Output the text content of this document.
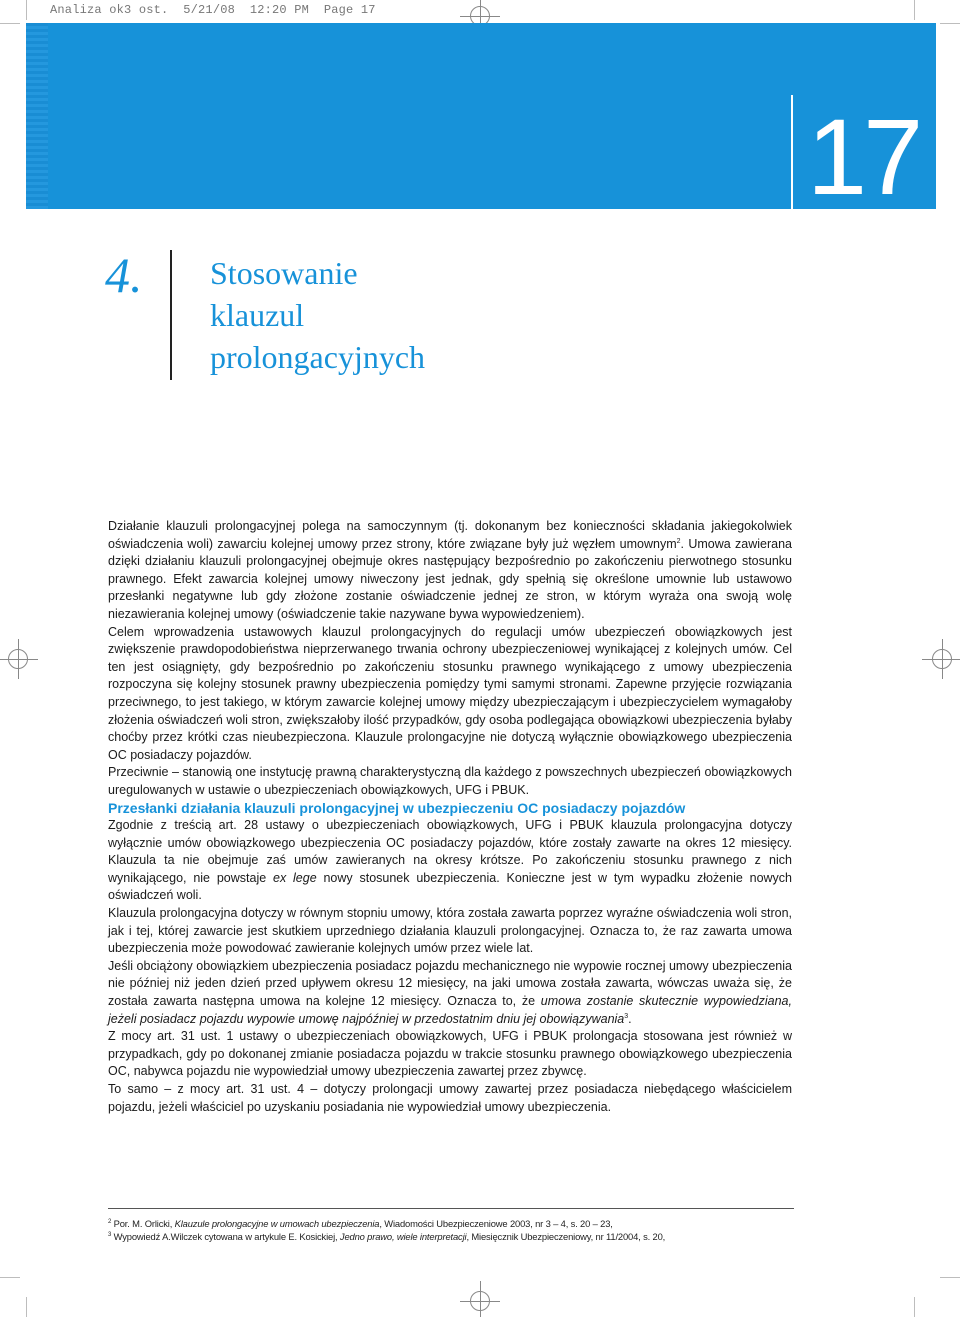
Analiza ok3 ost.  5/21/08  12:20 PM  Page 17
17
4. Stosowanie
klauzul
prolongacyjnych

Działanie klauzuli prolongacyjnej polega na samoczynnym (tj. dokonanym bez konieczności składania jakiegokolwiek oświadczenia woli) zawarciu kolejnej umowy przez strony, które związane były już węzłem umownym$^2$. Umowa zawierana dzięki działaniu klauzuli prolongacyjnej obejmuje okres następujący bezpośrednio po zakończeniu pierwotnego stosunku prawnego. Efekt zawarcia kolejnej umowy niweczony jest jednak, gdy spełnią się określone umownie lub ustawowo przesłanki negatywne lub gdy złożone zostanie oświadczenie jednej ze stron, w którym wyraża ona swoją wolę niezawierania kolejnej umowy (oświadczenie takie nazywane bywa wypowiedzeniem).

Celem wprowadzenia ustawowych klauzul prolongacyjnych do regulacji umów ubezpieczeń obowiązkowych jest zwiększenie prawdopodobieństwa nieprzerwanego trwania ochrony ubezpieczeniowej wynikającej z kolejnych umów. Cel ten jest osiągnięty, gdy bezpośrednio po zakończeniu stosunku prawnego wynikającego z umowy ubezpieczenia rozpoczyna się kolejny stosunek prawny ubezpieczenia pomiędzy tymi samymi stronami. Zapewne przyjęcie rozwiązania przeciwnego, to jest takiego, w którym zawarcie kolejnej umowy między ubezpieczającym i ubezpieczycielem wymagałoby złożenia oświadczeń woli stron, zwiększałoby ilość przypadków, gdy osoba podlegająca obowiązkowi ubezpieczenia byłaby choćby przez krótki czas nieubezpieczona. Klauzule prolongacyjne nie dotyczą wyłącznie obowiązkowego ubezpieczenia OC posiadaczy pojazdów.

Przeciwnie – stanowią one instytucję prawną charakterystyczną dla każdego z powszechnych ubezpieczeń obowiązkowych uregulowanych w ustawie o ubezpieczeniach obowiązkowych, UFG i PBUK.

Przesłanki działania klauzuli prolongacyjnej w ubezpieczeniu OC posiadaczy pojazdów

Zgodnie z treścią art. 28 ustawy o ubezpieczeniach obowiązkowych, UFG i PBUK klauzula prolongacyjna dotyczy wyłącznie umów obowiązkowego ubezpieczenia OC posiadaczy pojazdów, które zostały zawarte na okres 12 miesięcy. Klauzula ta nie obejmuje zaś umów zawieranych na okresy krótsze. Po zakończeniu stosunku prawnego z nich wynikającego, nie powstaje ex lege nowy stosunek ubezpieczenia. Konieczne jest w tym wypadku złożenie nowych oświadczeń woli.

Klauzula prolongacyjna dotyczy w równym stopniu umowy, która została zawarta poprzez wyraźne oświadczenia woli stron, jak i tej, której zawarcie jest skutkiem uprzedniego działania klauzuli prolongacyjnej. Oznacza to, że raz zawarta umowa ubezpieczenia może powodować zawieranie kolejnych umów przez wiele lat.

Jeśli obciążony obowiązkiem ubezpieczenia posiadacz pojazdu mechanicznego nie wypowie rocznej umowy ubezpieczenia nie później niż jeden dzień przed upływem okresu 12 miesięcy, na jaki umowa została zawarta, wówczas uważa się, że została zawarta następna umowa na kolejne 12 miesięcy. Oznacza to, że umowa zostanie skutecznie wypowiedziana, jeżeli posiadacz pojazdu wypowie umowę najpóźniej w przedostatnim dniu jej obowiązywania$^3$.

Z mocy art. 31 ust. 1 ustawy o ubezpieczeniach obowiązkowych, UFG i PBUK prolongacja stosowana jest również w przypadkach, gdy po dokonanej zmianie posiadacza pojazdu w trakcie stosunku prawnego obowiązkowego ubezpieczenia OC, nabywca pojazdu nie wypowiedział umowy ubezpieczenia zawartej przez zbywcę.

To samo – z mocy art. 31 ust. 4 – dotyczy prolongacji umowy zawartej przez posiadacza niebędącego właścicielem pojazdu, jeżeli właściciel po uzyskaniu posiadania nie wypowiedział umowy ubezpieczenia.

$^2$ Por. M. Orlicki, Klauzule prolongacyjne w umowach ubezpieczenia, Wiadomości Ubezpieczeniowe 2003, nr 3 – 4, s. 20 – 23,
$^3$ Wypowiedź A.Wilczek cytowana w artykule E. Kosickiej, Jedno prawo, wiele interpretacji, Miesięcznik Ubezpieczeniowy, nr 11/2004, s. 20,
